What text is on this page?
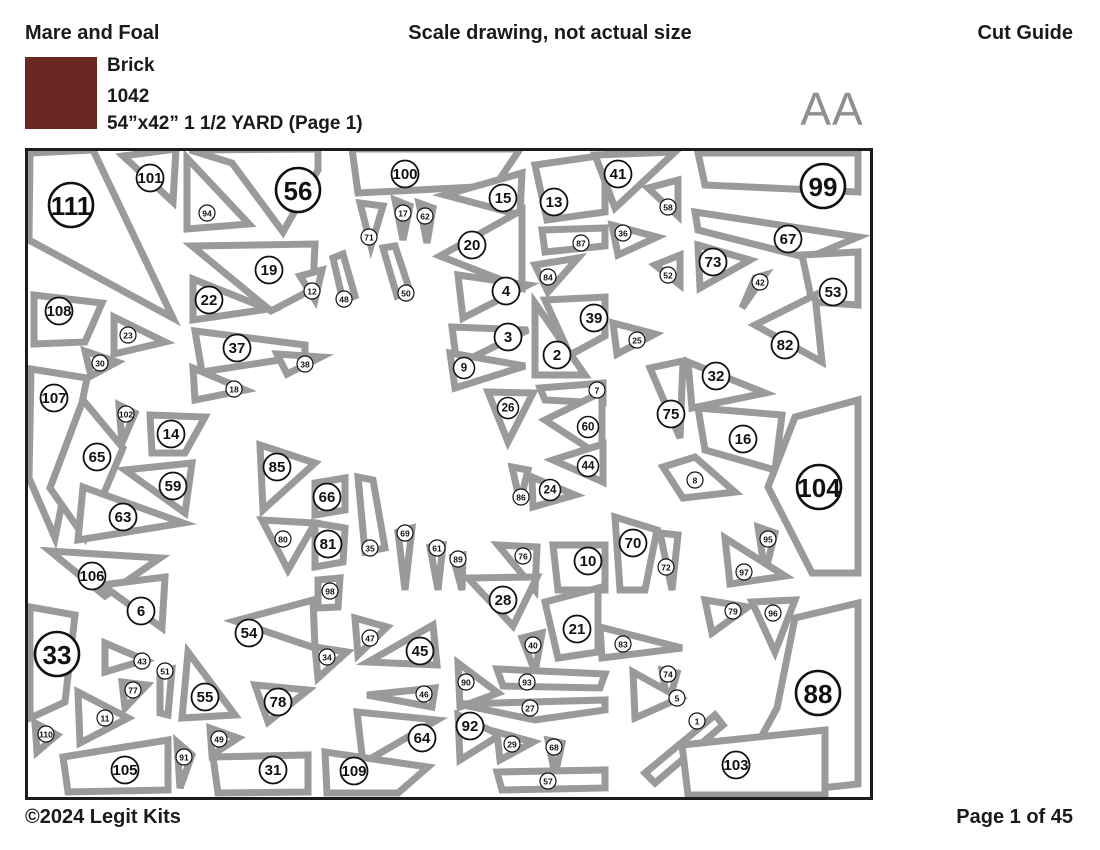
Mare and Foal	Scale drawing, not actual size	Cut Guide
Brick
1042
54”x42” 1 1/2 YARD (Page 1)	AA
111
101
94
56
19
22
108
23
37
38
30
107
102
18
14
65
59
63
85
80
106
33
6
54
43
51
77
11
110
55	78
49
91
105	31
100
15 13
17 62
71
12
48
50
20	87
84
4
39
2
3
9
41	99
58
36	67
73
52
42
53
25	82
26
7
60
44
24
86
66
81	35
69
61
89	76	10
32
75
16
8	104
95
97
70
72
98
28
21
47
34	45	40
90	93
46
27
92
29	68
64
109
57
79	96
83
74
5
1
88
103
©2024 Legit Kits	Page 1 of 45
